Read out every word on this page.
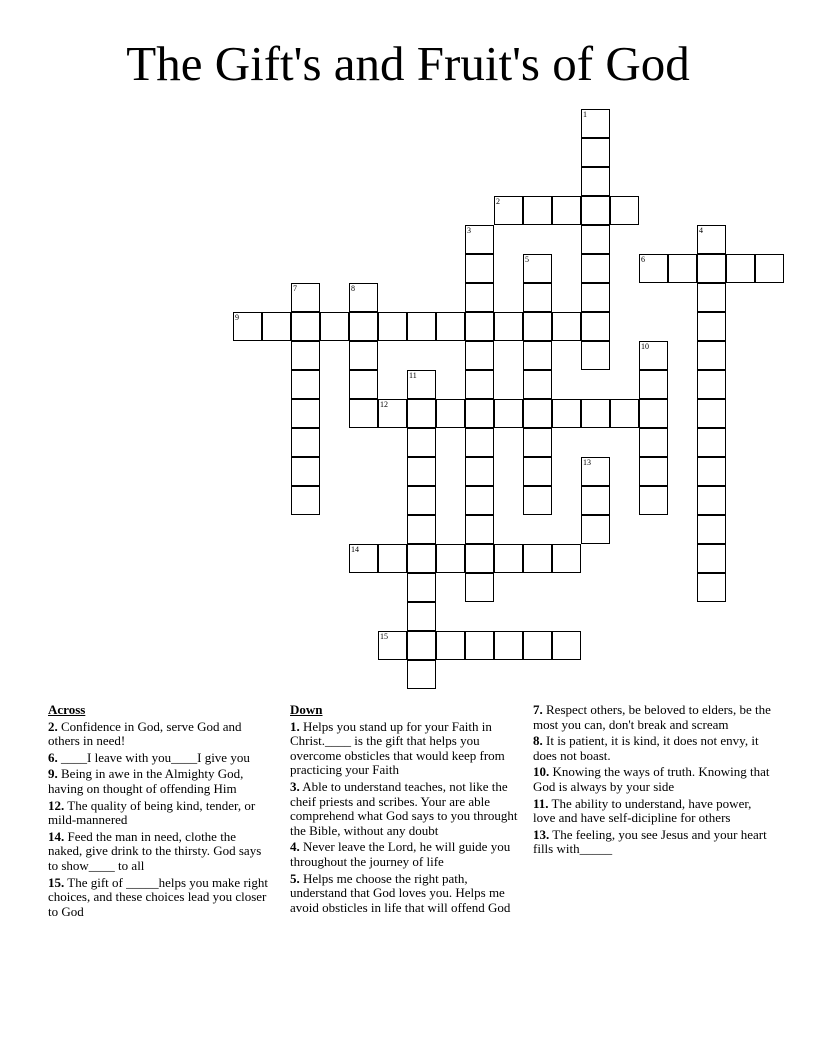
The Gift's and Fruit's of God
1
2
3	4
5	6
7	8
9
10
11
12
13
14
15
Across
2. Confidence in God, serve God and others in need!
6. ____I leave with you____I give you
9. Being in awe in the Almighty God, having on thought of offending Him
12. The quality of being kind, tender, or mild-mannered
14. Feed the man in need, clothe the naked, give drink to the thirsty. God says to show____ to all
15. The gift of _____helps you make right choices, and these choices lead you closer to God
Down
1. Helps you stand up for your Faith in Christ.____ is the gift that helps you overcome obsticles that would keep from practicing your Faith
3. Able to understand teaches, not like the cheif priests and scribes. Your are able comprehend what God says to you throught the Bible, without any doubt
4. Never leave the Lord, he will guide you throughout the journey of life
5. Helps me choose the right path, understand that God loves you. Helps me avoid obsticles in life that will offend God
7. Respect others, be beloved to elders, be the most you can, don't break and scream
8. It is patient, it is kind, it does not envy, it does not boast.
10. Knowing the ways of truth. Knowing that God is always by your side
11. The ability to understand, have power, love and have self-dicipline for others
13. The feeling, you see Jesus and your heart fills with_____
